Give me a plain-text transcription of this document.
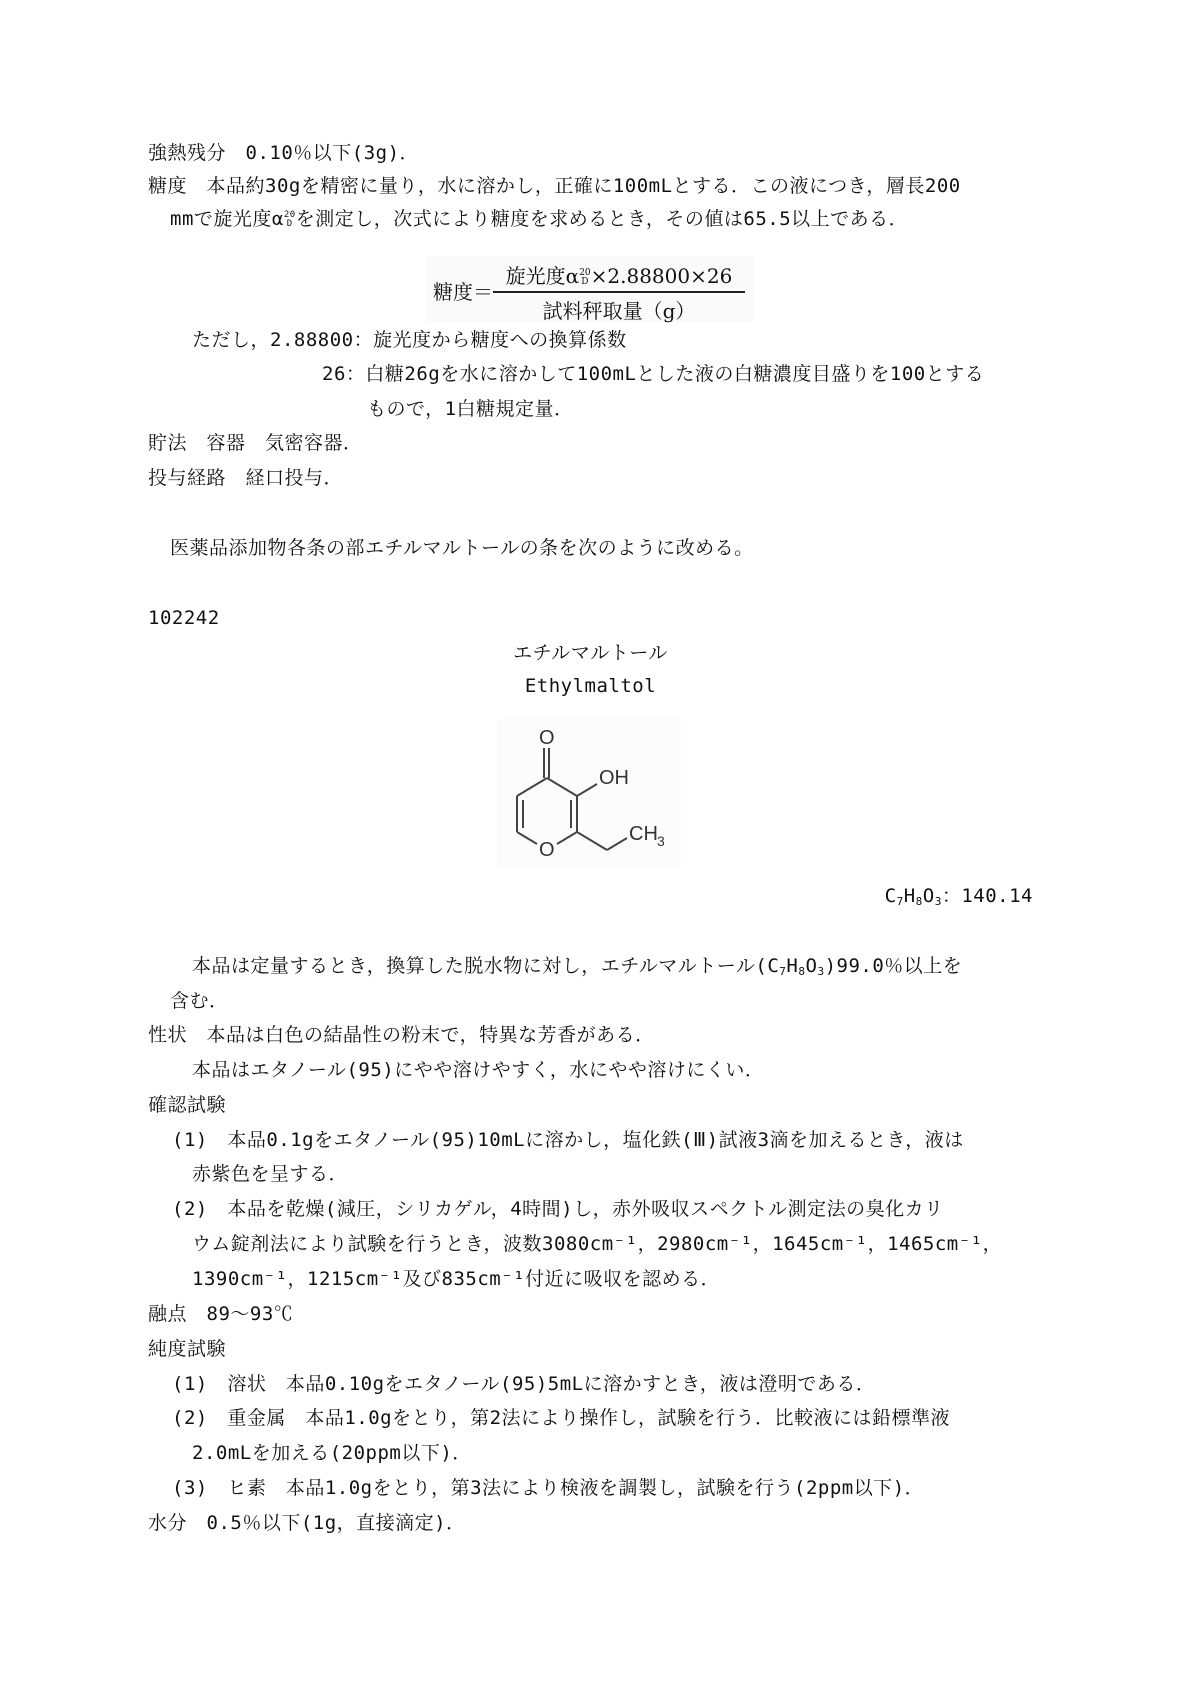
強熱残分　 0.10％以下(3g)．
糖度　 本品約30gを精密に量り，水に溶かし，正確に100mLとする．この液につき，層長200
mmで旋光度α20
D を測定し，次式により糖度を求めるとき，その値は65.5以上である．
糖度＝
旋光度α20
D ×2.88800×26
試料秤取量（g）
ただし，2.88800：旋光度から糖度への換算係数
26：白糖26gを水に溶かして100mLとした液の白糖濃度目盛りを100とする
もので，1白糖規定量．
貯法　 容器　気密容器．
投与経路　 経口投与．
医薬品添加物各条の部エチルマルトールの条を次のように改める。
102242
エチルマルトール
Ethylmaltol
O
OH
CH 3
O
$C_7H_8O_3$：140.14
本品は定量するとき，換算した脱水物に対し，エチルマルトール$(C_7H_8O_3)99.0$％以上を
含む．
性状　 本品は白色の結晶性の粉末で，特異な芳香がある．
本品はエタノール(95)にやや溶けやすく，水にやや溶けにくい．
確認試験
(1)　 本品0.1gをエタノール(95)10mLに溶かし，塩化鉄(Ⅲ)試液3滴を加えるとき，液は
赤紫色を呈する．
(2)　 本品を乾燥(減圧，シリカゲル，4時間)し，赤外吸収スペクトル測定法の臭化カリ
ウム錠剤法により試験を行うとき，波数3080cm⁻¹，2980cm⁻¹，1645cm⁻¹，1465cm⁻¹，
1390cm⁻¹，1215cm⁻¹及び835cm⁻¹付近に吸収を認める．
融点　 89～93℃
純度試験
(1)　 溶状　本品0.10gをエタノール(95)5mLに溶かすとき，液は澄明である．
(2)　 重金属　本品1.0gをとり，第2法により操作し，試験を行う．比較液には鉛標準液
2.0mLを加える(20ppm以下)．
(3)　 ヒ素　本品1.0gをとり，第3法により検液を調製し，試験を行う(2ppm以下)．
水分　 0.5％以下(1g，直接滴定)．
